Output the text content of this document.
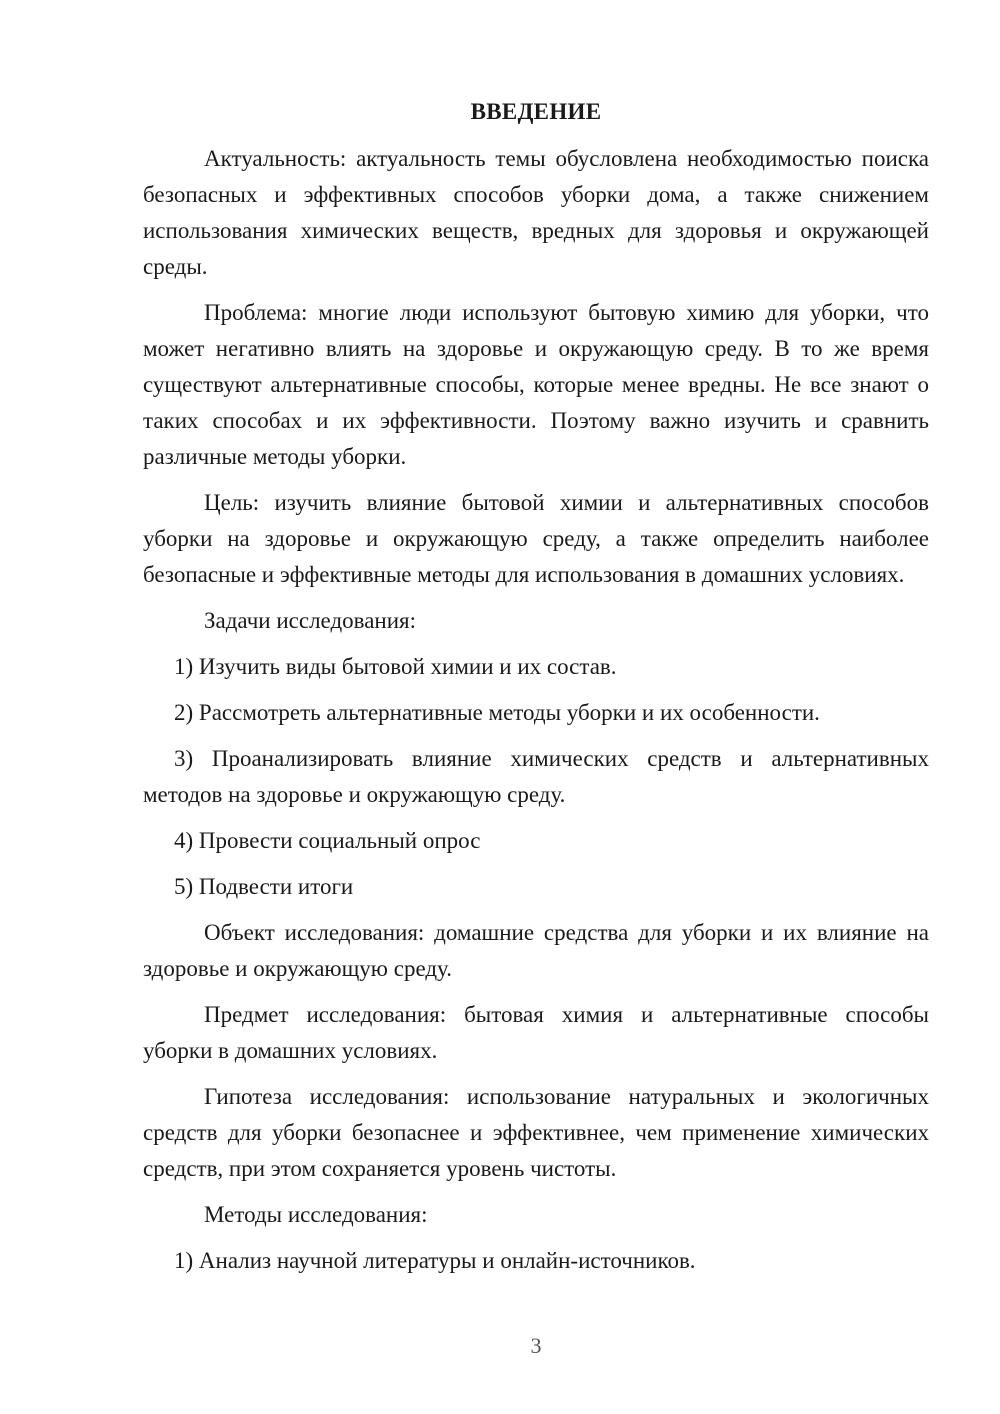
ВВЕДЕНИЕ

Актуальность: актуальность темы обусловлена необходимостью поиска безопасных и эффективных способов уборки дома, а также снижением использования химических веществ, вредных для здоровья и окружающей среды.

Проблема: многие люди используют бытовую химию для уборки, что может негативно влиять на здоровье и окружающую среду. В то же время существуют альтернативные способы, которые менее вредны. Не все знают о таких способах и их эффективности. Поэтому важно изучить и сравнить различные методы уборки.

Цель: изучить влияние бытовой химии и альтернативных способов уборки на здоровье и окружающую среду, а также определить наиболее безопасные и эффективные методы для использования в домашних условиях.

Задачи исследования:

1) Изучить виды бытовой химии и их состав.

2) Рассмотреть альтернативные методы уборки и их особенности.

3) Проанализировать влияние химических средств и альтернативных методов на здоровье и окружающую среду.

4) Провести социальный опрос

5) Подвести итоги

Объект исследования: домашние средства для уборки и их влияние на здоровье и окружающую среду.

Предмет исследования: бытовая химия и альтернативные способы уборки в домашних условиях.

Гипотеза исследования: использование натуральных и экологичных средств для уборки безопаснее и эффективнее, чем применение химических средств, при этом сохраняется уровень чистоты.

Методы исследования:

1) Анализ научной литературы и онлайн-источников.

3
